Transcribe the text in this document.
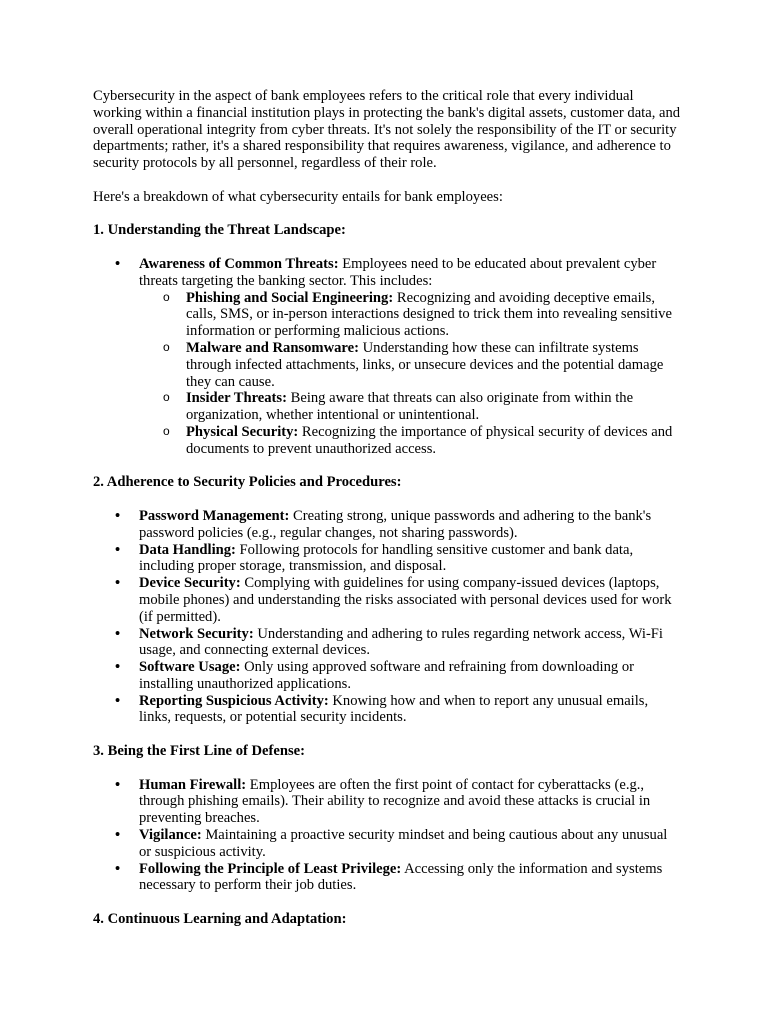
Cybersecurity in the aspect of bank employees refers to the critical role that every individual working within a financial institution plays in protecting the bank's digital assets, customer data, and overall operational integrity from cyber threats. It's not solely the responsibility of the IT or security departments; rather, it's a shared responsibility that requires awareness, vigilance, and adherence to security protocols by all personnel, regardless of their role.

Here's a breakdown of what cybersecurity entails for bank employees:

1. Understanding the Threat Landscape:

• Awareness of Common Threats: Employees need to be educated about prevalent cyber threats targeting the banking sector. This includes:
o Phishing and Social Engineering: Recognizing and avoiding deceptive emails, calls, SMS, or in-person interactions designed to trick them into revealing sensitive information or performing malicious actions.
o Malware and Ransomware: Understanding how these can infiltrate systems through infected attachments, links, or unsecure devices and the potential damage they can cause.
o Insider Threats: Being aware that threats can also originate from within the organization, whether intentional or unintentional.
o Physical Security: Recognizing the importance of physical security of devices and documents to prevent unauthorized access.

2. Adherence to Security Policies and Procedures:

• Password Management: Creating strong, unique passwords and adhering to the bank's password policies (e.g., regular changes, not sharing passwords).
• Data Handling: Following protocols for handling sensitive customer and bank data, including proper storage, transmission, and disposal.
• Device Security: Complying with guidelines for using company-issued devices (laptops, mobile phones) and understanding the risks associated with personal devices used for work (if permitted).
• Network Security: Understanding and adhering to rules regarding network access, Wi-Fi usage, and connecting external devices.
• Software Usage: Only using approved software and refraining from downloading or installing unauthorized applications.
• Reporting Suspicious Activity: Knowing how and when to report any unusual emails, links, requests, or potential security incidents.

3. Being the First Line of Defense:

• Human Firewall: Employees are often the first point of contact for cyberattacks (e.g., through phishing emails). Their ability to recognize and avoid these attacks is crucial in preventing breaches.
• Vigilance: Maintaining a proactive security mindset and being cautious about any unusual or suspicious activity.
• Following the Principle of Least Privilege: Accessing only the information and systems necessary to perform their job duties.

4. Continuous Learning and Adaptation:
